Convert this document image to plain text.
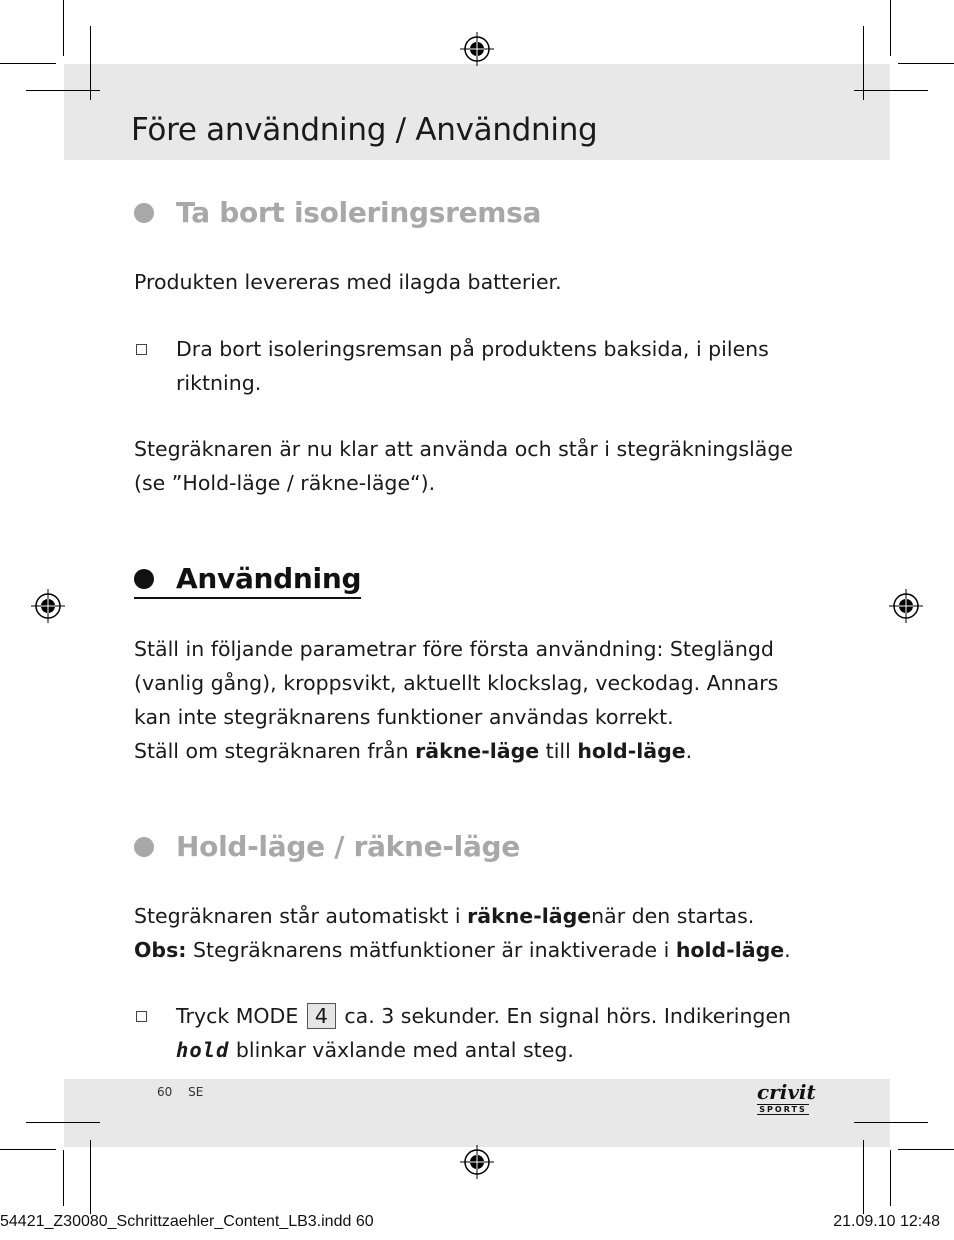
Före användning / Användning
Ta bort isoleringsremsa

Produkten levereras med ilagda batterier.

Dra bort isoleringsremsan på produktens baksida, i pilens
riktning.

Stegräknaren är nu klar att använda och står i stegräkningsläge
(se ”Hold-läge / räkne-läge“).

Användning

Ställ in följande parametrar före första användning: Steglängd
(vanlig gång), kroppsvikt, aktuellt klockslag, veckodag. Annars
kan inte stegräknarens funktioner användas korrekt.
Ställ om stegräknaren från räkne-läge till hold-läge.

Hold-läge / räkne-läge

Stegräknaren står automatiskt i räkne-lägenär den startas.
Obs: Stegräknarens mätfunktioner är inaktiverade i hold-läge.

Tryck MODE 4 ca. 3 sekunder. En signal hörs. Indikeringen
hold blinkar växlande med antal steg.
60 SE	crivit
SPORTS
54421_Z30080_Schrittzaehler_Content_LB3.indd 60	21.09.10 12:48
